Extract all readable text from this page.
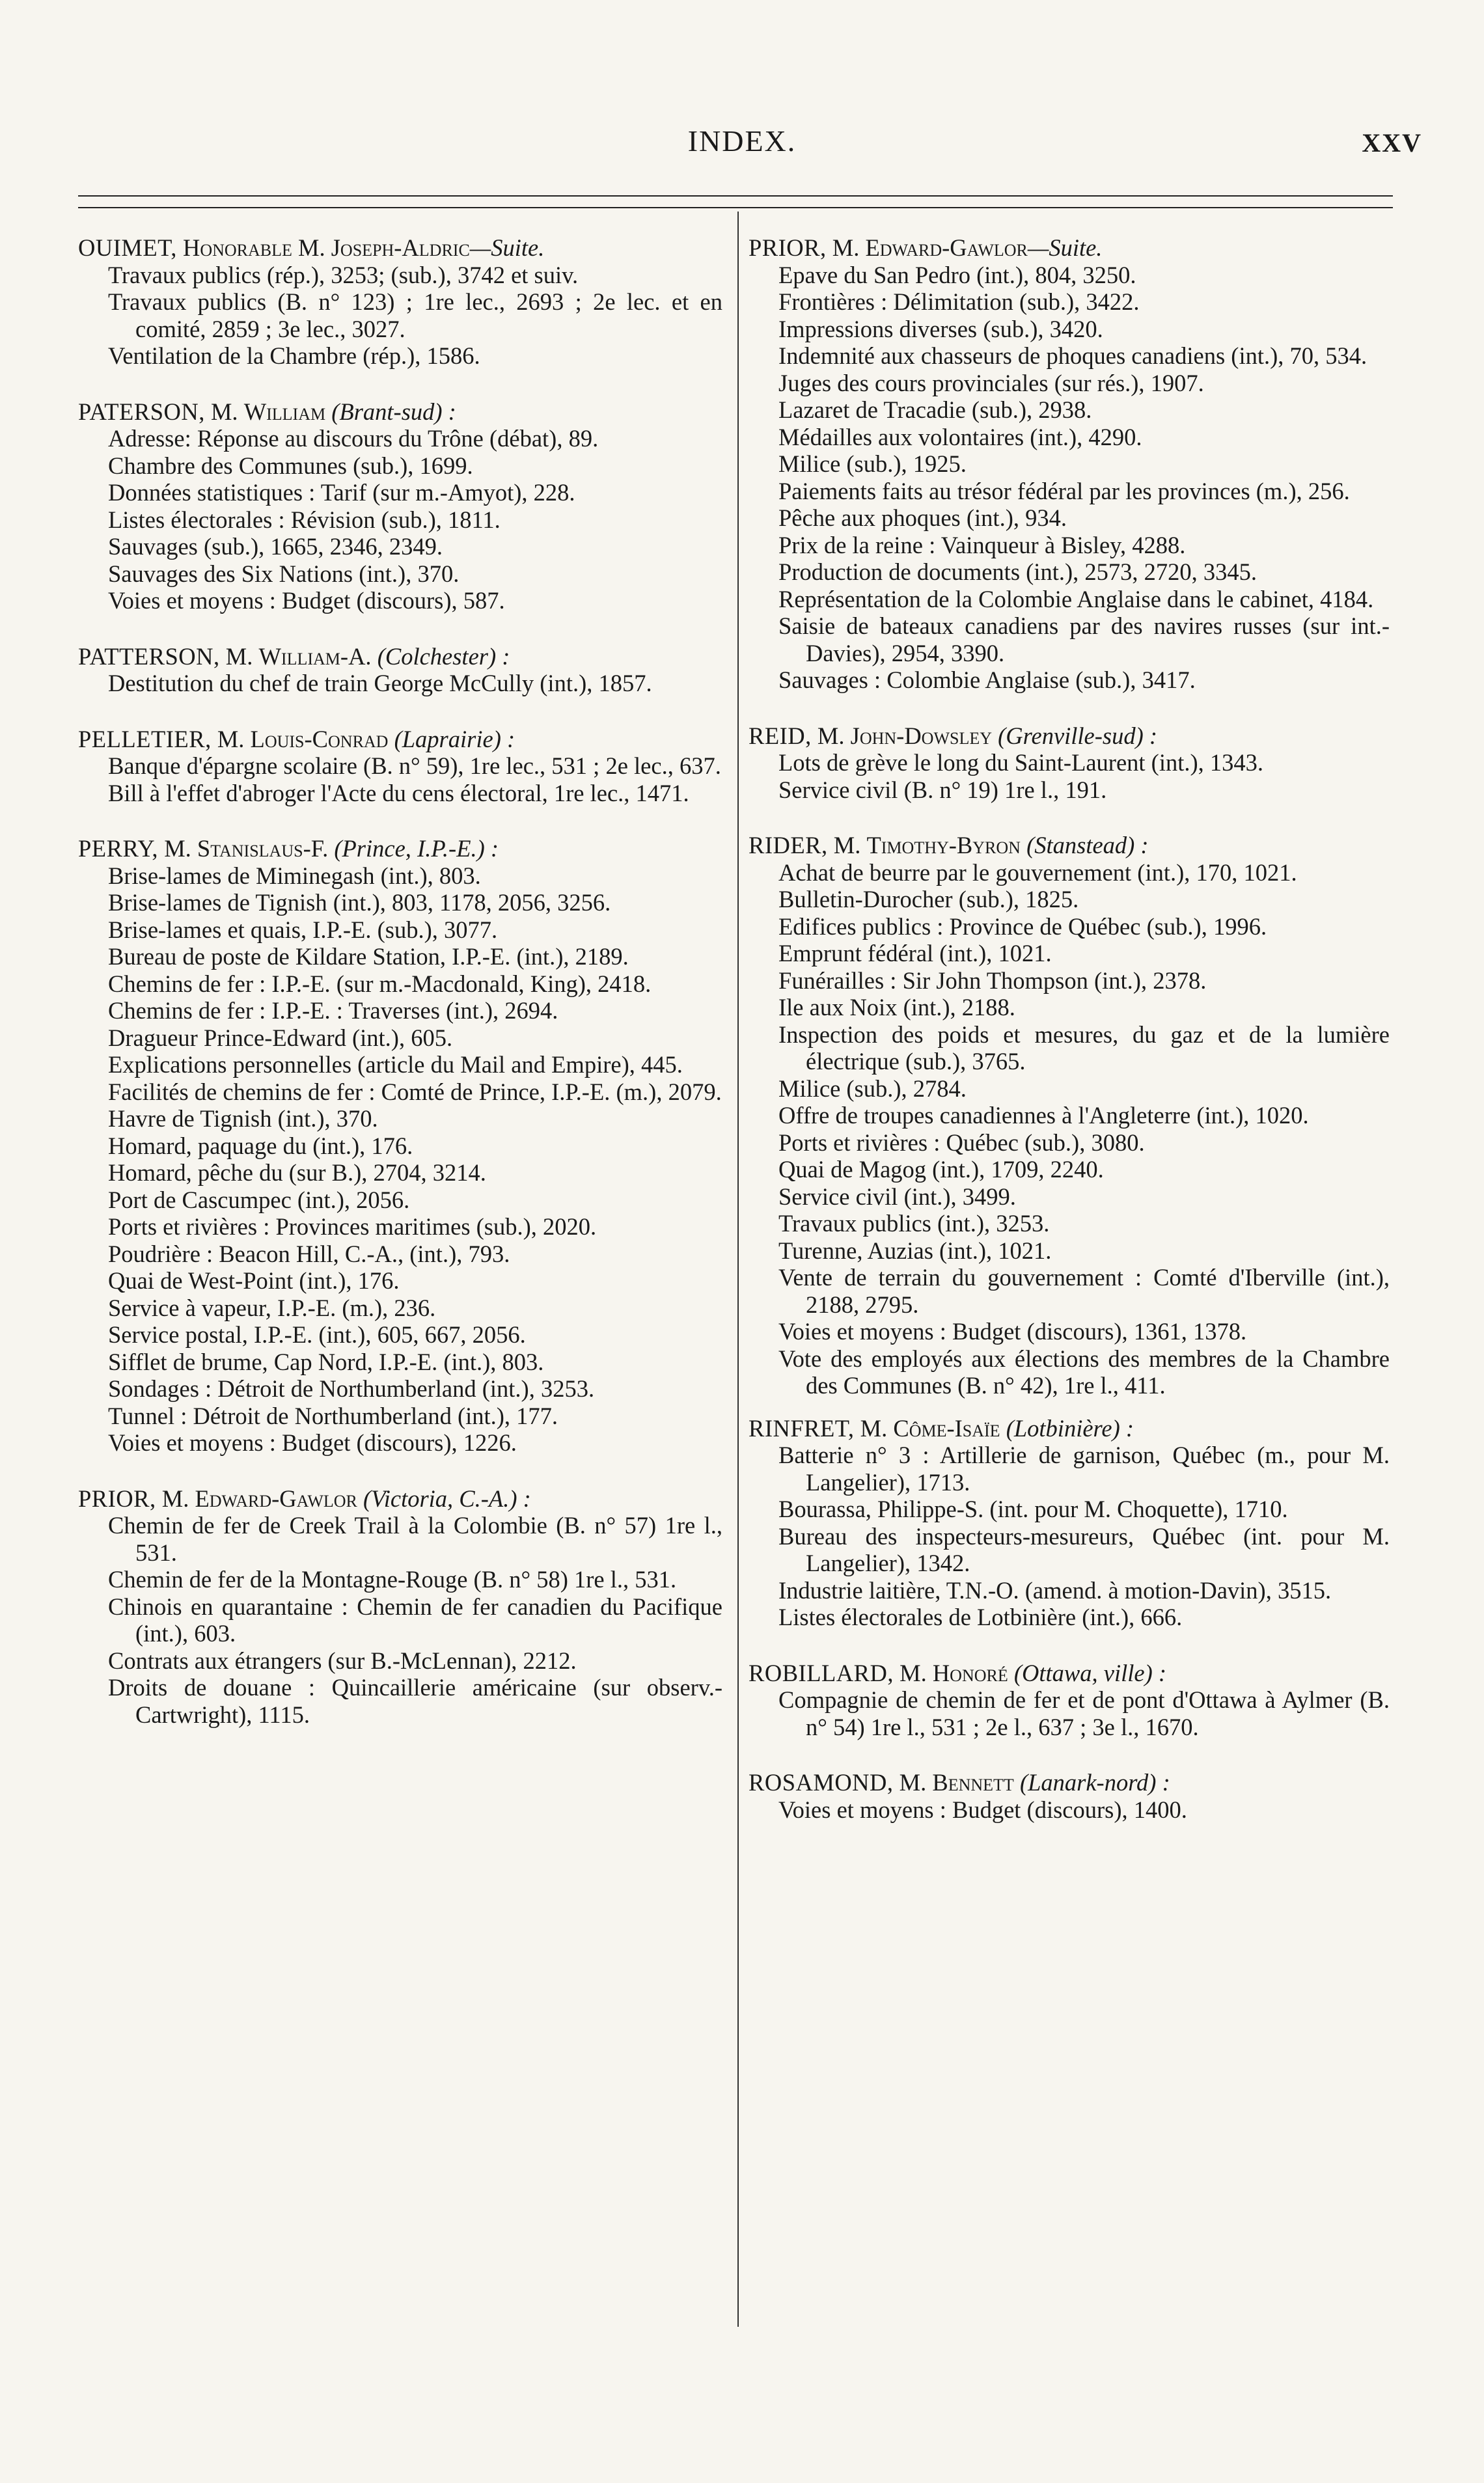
INDEX.	XXV
OUIMET, Honorable M. Joseph-Aldric—Suite.
Travaux publics (rép.), 3253; (sub.), 3742 et suiv.
Travaux publics (B. n° 123) ; 1re lec., 2693 ; 2e lec. et en comité, 2859 ; 3e lec., 3027.
Ventilation de la Chambre (rép.), 1586.
PATERSON, M. William (Brant-sud) :
Adresse: Réponse au discours du Trône (débat), 89.
Chambre des Communes (sub.), 1699.
Données statistiques : Tarif (sur m.-Amyot), 228.
Listes électorales : Révision (sub.), 1811.
Sauvages (sub.), 1665, 2346, 2349.
Sauvages des Six Nations (int.), 370.
Voies et moyens : Budget (discours), 587.
PATTERSON, M. William-A. (Colchester) :
Destitution du chef de train George McCully (int.), 1857.
PELLETIER, M. Louis-Conrad (Laprairie) :
Banque d'épargne scolaire (B. n° 59), 1re lec., 531 ; 2e lec., 637.
Bill à l'effet d'abroger l'Acte du cens électoral, 1re lec., 1471.
PERRY, M. Stanislaus-F. (Prince, I.P.-E.) :
Brise-lames de Miminegash (int.), 803.
Brise-lames de Tignish (int.), 803, 1178, 2056, 3256.
Brise-lames et quais, I.P.-E. (sub.), 3077.
Bureau de poste de Kildare Station, I.P.-E. (int.), 2189.
Chemins de fer : I.P.-E. (sur m.-Macdonald, King), 2418.
Chemins de fer : I.P.-E. : Traverses (int.), 2694.
Dragueur Prince-Edward (int.), 605.
Explications personnelles (article du Mail and Empire), 445.
Facilités de chemins de fer : Comté de Prince, I.P.-E. (m.), 2079.
Havre de Tignish (int.), 370.
Homard, paquage du (int.), 176.
Homard, pêche du (sur B.), 2704, 3214.
Port de Cascumpec (int.), 2056.
Ports et rivières : Provinces maritimes (sub.), 2020.
Poudrière : Beacon Hill, C.-A., (int.), 793.
Quai de West-Point (int.), 176.
Service à vapeur, I.P.-E. (m.), 236.
Service postal, I.P.-E. (int.), 605, 667, 2056.
Sifflet de brume, Cap Nord, I.P.-E. (int.), 803.
Sondages : Détroit de Northumberland (int.), 3253.
Tunnel : Détroit de Northumberland (int.), 177.
Voies et moyens : Budget (discours), 1226.
PRIOR, M. Edward-Gawlor (Victoria, C.-A.) :
Chemin de fer de Creek Trail à la Colombie (B. n° 57) 1re l., 531.
Chemin de fer de la Montagne-Rouge (B. n° 58) 1re l., 531.
Chinois en quarantaine : Chemin de fer canadien du Pacifique (int.), 603.
Contrats aux étrangers (sur B.-McLennan), 2212.
Droits de douane : Quincaillerie américaine (sur observ.-Cartwright), 1115.
PRIOR, M. Edward-Gawlor—Suite.
Epave du San Pedro (int.), 804, 3250.
Frontières : Délimitation (sub.), 3422.
Impressions diverses (sub.), 3420.
Indemnité aux chasseurs de phoques canadiens (int.), 70, 534.
Juges des cours provinciales (sur rés.), 1907.
Lazaret de Tracadie (sub.), 2938.
Médailles aux volontaires (int.), 4290.
Milice (sub.), 1925.
Paiements faits au trésor fédéral par les provinces (m.), 256.
Pêche aux phoques (int.), 934.
Prix de la reine : Vainqueur à Bisley, 4288.
Production de documents (int.), 2573, 2720, 3345.
Représentation de la Colombie Anglaise dans le cabinet, 4184.
Saisie de bateaux canadiens par des navires russes (sur int.-Davies), 2954, 3390.
Sauvages : Colombie Anglaise (sub.), 3417.
REID, M. John-Dowsley (Grenville-sud) :
Lots de grève le long du Saint-Laurent (int.), 1343.
Service civil (B. n° 19) 1re l., 191.
RIDER, M. Timothy-Byron (Stanstead) :
Achat de beurre par le gouvernement (int.), 170, 1021.
Bulletin-Durocher (sub.), 1825.
Edifices publics : Province de Québec (sub.), 1996.
Emprunt fédéral (int.), 1021.
Funérailles : Sir John Thompson (int.), 2378.
Ile aux Noix (int.), 2188.
Inspection des poids et mesures, du gaz et de la lumière électrique (sub.), 3765.
Milice (sub.), 2784.
Offre de troupes canadiennes à l'Angleterre (int.), 1020.
Ports et rivières : Québec (sub.), 3080.
Quai de Magog (int.), 1709, 2240.
Service civil (int.), 3499.
Travaux publics (int.), 3253.
Turenne, Auzias (int.), 1021.
Vente de terrain du gouvernement : Comté d'Iberville (int.), 2188, 2795.
Voies et moyens : Budget (discours), 1361, 1378.
Vote des employés aux élections des membres de la Chambre des Communes (B. n° 42), 1re l., 411.
RINFRET, M. Côme-Isaïe (Lotbinière) :
Batterie n° 3 : Artillerie de garnison, Québec (m., pour M. Langelier), 1713.
Bourassa, Philippe-S. (int. pour M. Choquette), 1710.
Bureau des inspecteurs-mesureurs, Québec (int. pour M. Langelier), 1342.
Industrie laitière, T.N.-O. (amend. à motion-Davin), 3515.
Listes électorales de Lotbinière (int.), 666.
ROBILLARD, M. Honoré (Ottawa, ville) :
Compagnie de chemin de fer et de pont d'Ottawa à Aylmer (B. n° 54) 1re l., 531 ; 2e l., 637 ; 3e l., 1670.
ROSAMOND, M. Bennett (Lanark-nord) :
Voies et moyens : Budget (discours), 1400.
